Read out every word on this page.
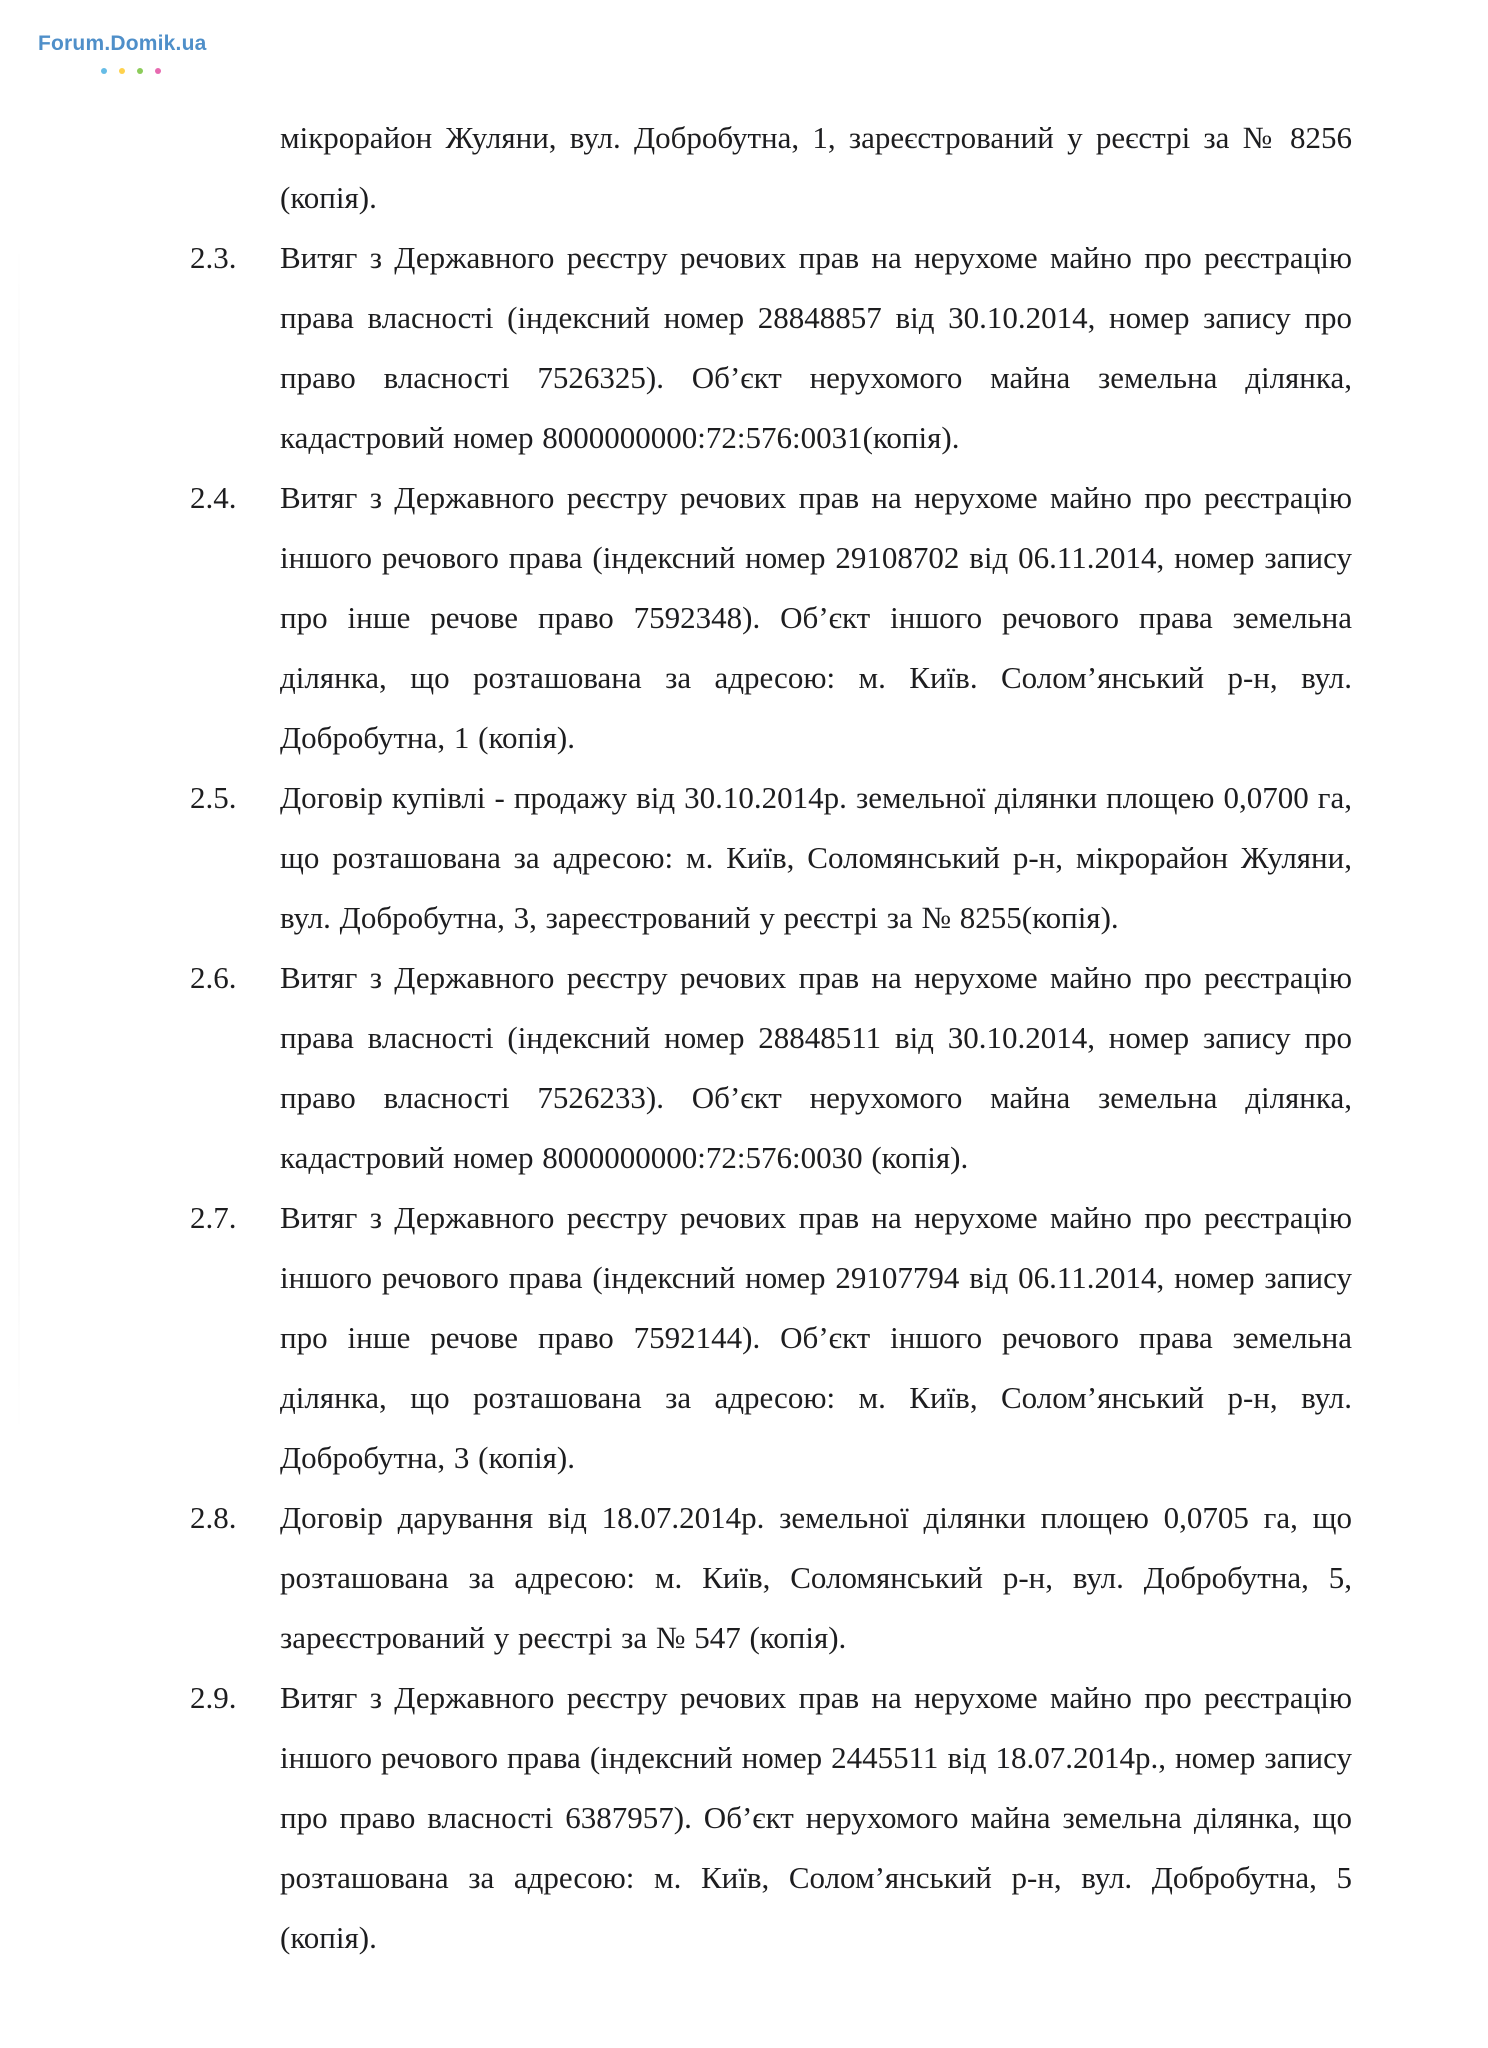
Forum.Domik.ua
мікрорайон Жуляни, вул. Добробутна, 1, зареєстрований у реєстрі за № 8256 (копія).
2.3.	Витяг з Державного реєстру речових прав на нерухоме майно про реєстрацію права власності (індексний номер 28848857 від 30.10.2014, номер запису про право власності 7526325). Об’єкт нерухомого майна земельна ділянка, кадастровий номер 8000000000:72:576:0031(копія).
2.4.	Витяг з Державного реєстру речових прав на нерухоме майно про реєстрацію іншого речового права (індексний номер 29108702 від 06.11.2014, номер запису про інше речове право 7592348). Об’єкт іншого речового права земельна ділянка, що розташована за адресою: м. Київ. Солом’янський р-н, вул. Добробутна, 1 (копія).
2.5.	Договір купівлі - продажу від 30.10.2014р. земельної ділянки площею 0,0700 га, що розташована за адресою: м. Київ, Соломянський р-н, мікрорайон Жуляни, вул. Добробутна, 3, зареєстрований у реєстрі за № 8255(копія).
2.6.	Витяг з Державного реєстру речових прав на нерухоме майно про реєстрацію права власності (індексний номер 28848511 від 30.10.2014, номер запису про право власності 7526233). Об’єкт нерухомого майна земельна ділянка, кадастровий номер 8000000000:72:576:0030 (копія).
2.7.	Витяг з Державного реєстру речових прав на нерухоме майно про реєстрацію іншого речового права (індексний номер 29107794 від 06.11.2014, номер запису про інше речове право 7592144). Об’єкт іншого речового права земельна ділянка, що розташована за адресою: м. Київ, Солом’янський р-н, вул. Добробутна, 3 (копія).
2.8.	Договір дарування від 18.07.2014р. земельної ділянки площею 0,0705 га, що розташована за адресою: м. Київ, Соломянський р-н, вул. Добробутна, 5, зареєстрований у реєстрі за № 547 (копія).
2.9.	Витяг з Державного реєстру речових прав на нерухоме майно про реєстрацію іншого речового права (індексний номер 2445511 від 18.07.2014р., номер запису про право власності 6387957). Об’єкт нерухомого майна земельна ділянка, що розташована за адресою: м. Київ, Солом’янський р-н, вул. Добробутна, 5 (копія).
